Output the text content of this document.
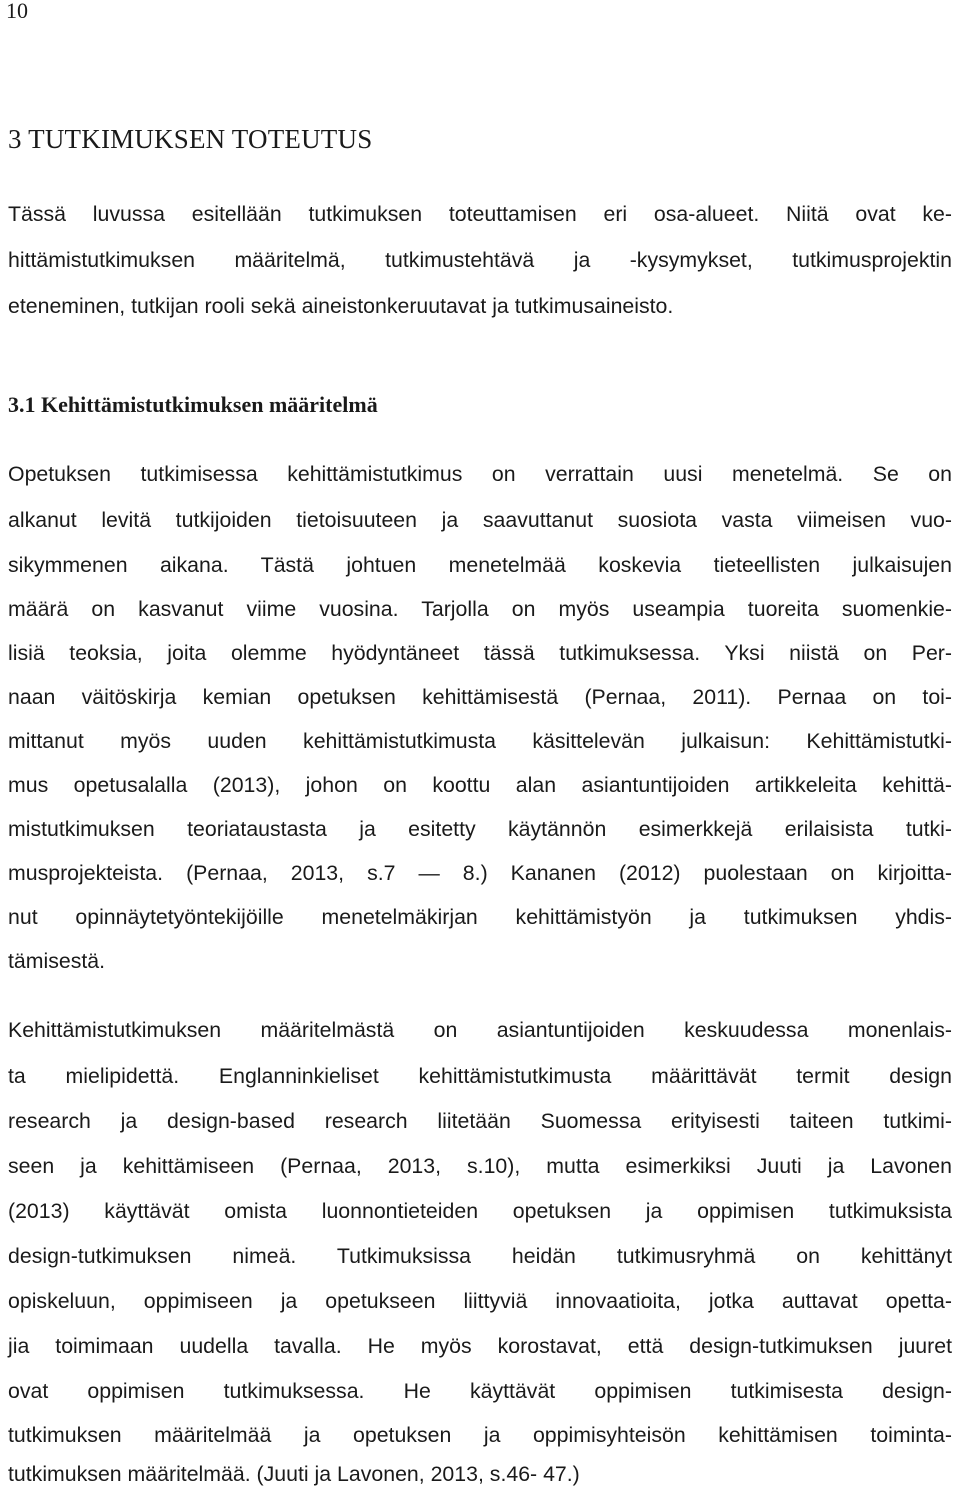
10
3 TUTKIMUKSEN TOTEUTUS
Tässä luvussa esitellään tutkimuksen toteuttamisen eri osa-alueet. Niitä ovat ke-
hittämistutkimuksen määritelmä, tutkimustehtävä ja -kysymykset, tutkimusprojektin
eteneminen, tutkijan rooli sekä aineistonkeruutavat ja tutkimusaineisto.
3.1 Kehittämistutkimuksen määritelmä
Opetuksen tutkimisessa kehittämistutkimus on verrattain uusi menetelmä. Se on
alkanut levitä tutkijoiden tietoisuuteen ja saavuttanut suosiota vasta viimeisen vuo-
sikymmenen aikana. Tästä johtuen menetelmää koskevia tieteellisten julkaisujen
määrä on kasvanut viime vuosina. Tarjolla on myös useampia tuoreita suomenkie-
lisiä teoksia, joita olemme hyödyntäneet tässä tutkimuksessa. Yksi niistä on Per-
naan väitöskirja kemian opetuksen kehittämisestä (Pernaa, 2011). Pernaa on toi-
mittanut myös uuden kehittämistutkimusta käsittelevän julkaisun: Kehittämistutki-
mus opetusalalla (2013), johon on koottu alan asiantuntijoiden artikkeleita kehittä-
mistutkimuksen teoriataustasta ja esitetty käytännön esimerkkejä erilaisista tutki-
musprojekteista. (Pernaa, 2013, s.7 — 8.) Kananen (2012) puolestaan on kirjoitta-
nut opinnäytetyöntekijöille menetelmäkirjan kehittämistyön ja tutkimuksen yhdis-
tämisestä.
Kehittämistutkimuksen määritelmästä on asiantuntijoiden keskuudessa monenlais-
ta mielipidettä. Englanninkieliset kehittämistutkimusta määrittävät termit design
research ja design-based research liitetään Suomessa erityisesti taiteen tutkimi-
seen ja kehittämiseen (Pernaa, 2013, s.10), mutta esimerkiksi Juuti ja Lavonen
(2013) käyttävät omista luonnontieteiden opetuksen ja oppimisen tutkimuksista
design-tutkimuksen nimeä. Tutkimuksissa heidän tutkimusryhmä on kehittänyt
opiskeluun, oppimiseen ja opetukseen liittyviä innovaatioita, jotka auttavat opetta-
jia toimimaan uudella tavalla. He myös korostavat, että design-tutkimuksen juuret
ovat oppimisen tutkimuksessa. He käyttävät oppimisen tutkimisesta design-
tutkimuksen määritelmää ja opetuksen ja oppimisyhteisön kehittämisen toiminta-
tutkimuksen määritelmää. (Juuti ja Lavonen, 2013, s.46- 47.)
